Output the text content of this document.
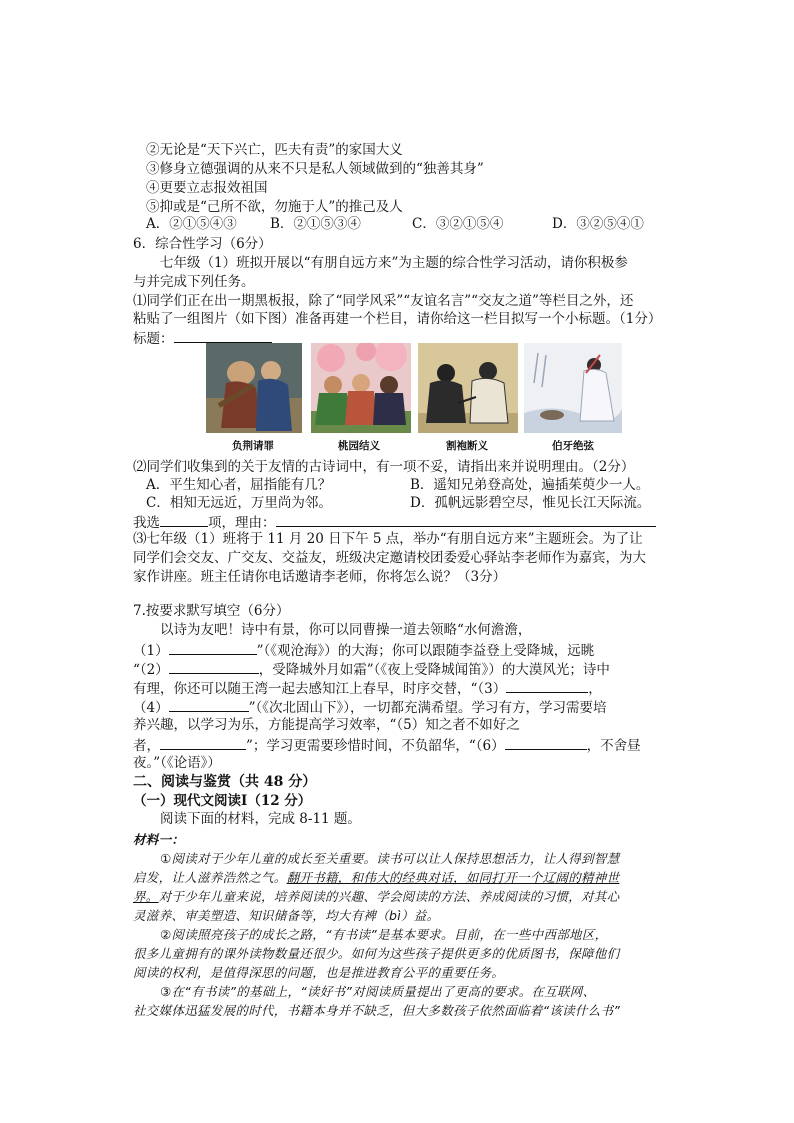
②无论是“天下兴亡，匹夫有责”的家国大义
③修身立德强调的从来不只是私人领域做到的“独善其身”
④更要立志报效祖国
⑤抑或是“己所不欲，勿施于人”的推己及人
A．②①⑤④③ B．②①⑤③④	C．③②①⑤④	D．③②⑤④①
6．综合性学习（6分）
七年级（1）班拟开展以“有朋自远方来”为主题的综合性学习活动，请你积极参
与并完成下列任务。
⑴同学们正在出一期黑板报，除了“同学风采”“友谊名言”“交友之道”等栏目之外，还
粘贴了一组图片（如下图）准备再建一个栏目，请你给这一栏目拟写一个小标题。（1分）
标题：
负荆请罪	桃园结义	割袍断义	伯牙绝弦
⑵同学们收集到的关于友情的古诗词中，有一项不妥，请指出来并说明理由。（2分）
A．平生知心者，屈指能有几？	B．遥知兄弟登高处，遍插茱萸少一人。
C．相知无远近，万里尚为邻。	D．孤帆远影碧空尽，惟见长江天际流。
我选	项，理由：
⑶七年级（1）班将于 11 月 20 日下午 5 点，举办“有朋自远方来”主题班会。为了让
同学们会交友、广交友、交益友，班级决定邀请校团委爱心驿站李老师作为嘉宾，为大
家作讲座。班主任请你电话邀请李老师，你将怎么说？（3分）
7.按要求默写填空（6分）
以诗为友吧！诗中有景，你可以同曹操一道去领略“水何澹澹，
（1）	”（《观沧海》）的大海；你可以跟随李益登上受降城，远眺
“（2）	，受降城外月如霜”（《夜上受降城闻笛》）的大漠风光；诗中
有理，你还可以随王湾一起去感知江上春早，时序交替，“（3）	，
（4）	”（《次北固山下》），一切都充满希望。学习有方，学习需要培
养兴趣，以学习为乐，方能提高学习效率，“（5）知之者不如好之
者，	”；学习更需要珍惜时间，不负韶华，“（6）	，不舍昼
夜。”（《论语》）
二、阅读与鉴赏（共 48 分）
（一）现代文阅读Ⅰ（12 分）
阅读下面的材料，完成 8-11 题。
材料一：
①阅读对于少年儿童的成长至关重要。读书可以让人保持思想活力，让人得到智慧
启发，让人滋养浩然之气。翻开书籍，和伟大的经典对话，如同打开一个辽阔的精神世
界。对于少年儿童来说，培养阅读的兴趣、学会阅读的方法、养成阅读的习惯，对其心
灵滋养、审美塑造、知识储备等，均大有裨（bì）益。
②阅读照亮孩子的成长之路，“有书读”是基本要求。目前，在一些中西部地区，
很多儿童拥有的课外读物数量还很少。如何为这些孩子提供更多的优质图书，保障他们
阅读的权利，是值得深思的问题，也是推进教育公平的重要任务。
③在“有书读”的基础上，“读好书”对阅读质量提出了更高的要求。在互联网、
社交媒体迅猛发展的时代，书籍本身并不缺乏，但大多数孩子依然面临着“该读什么书”
